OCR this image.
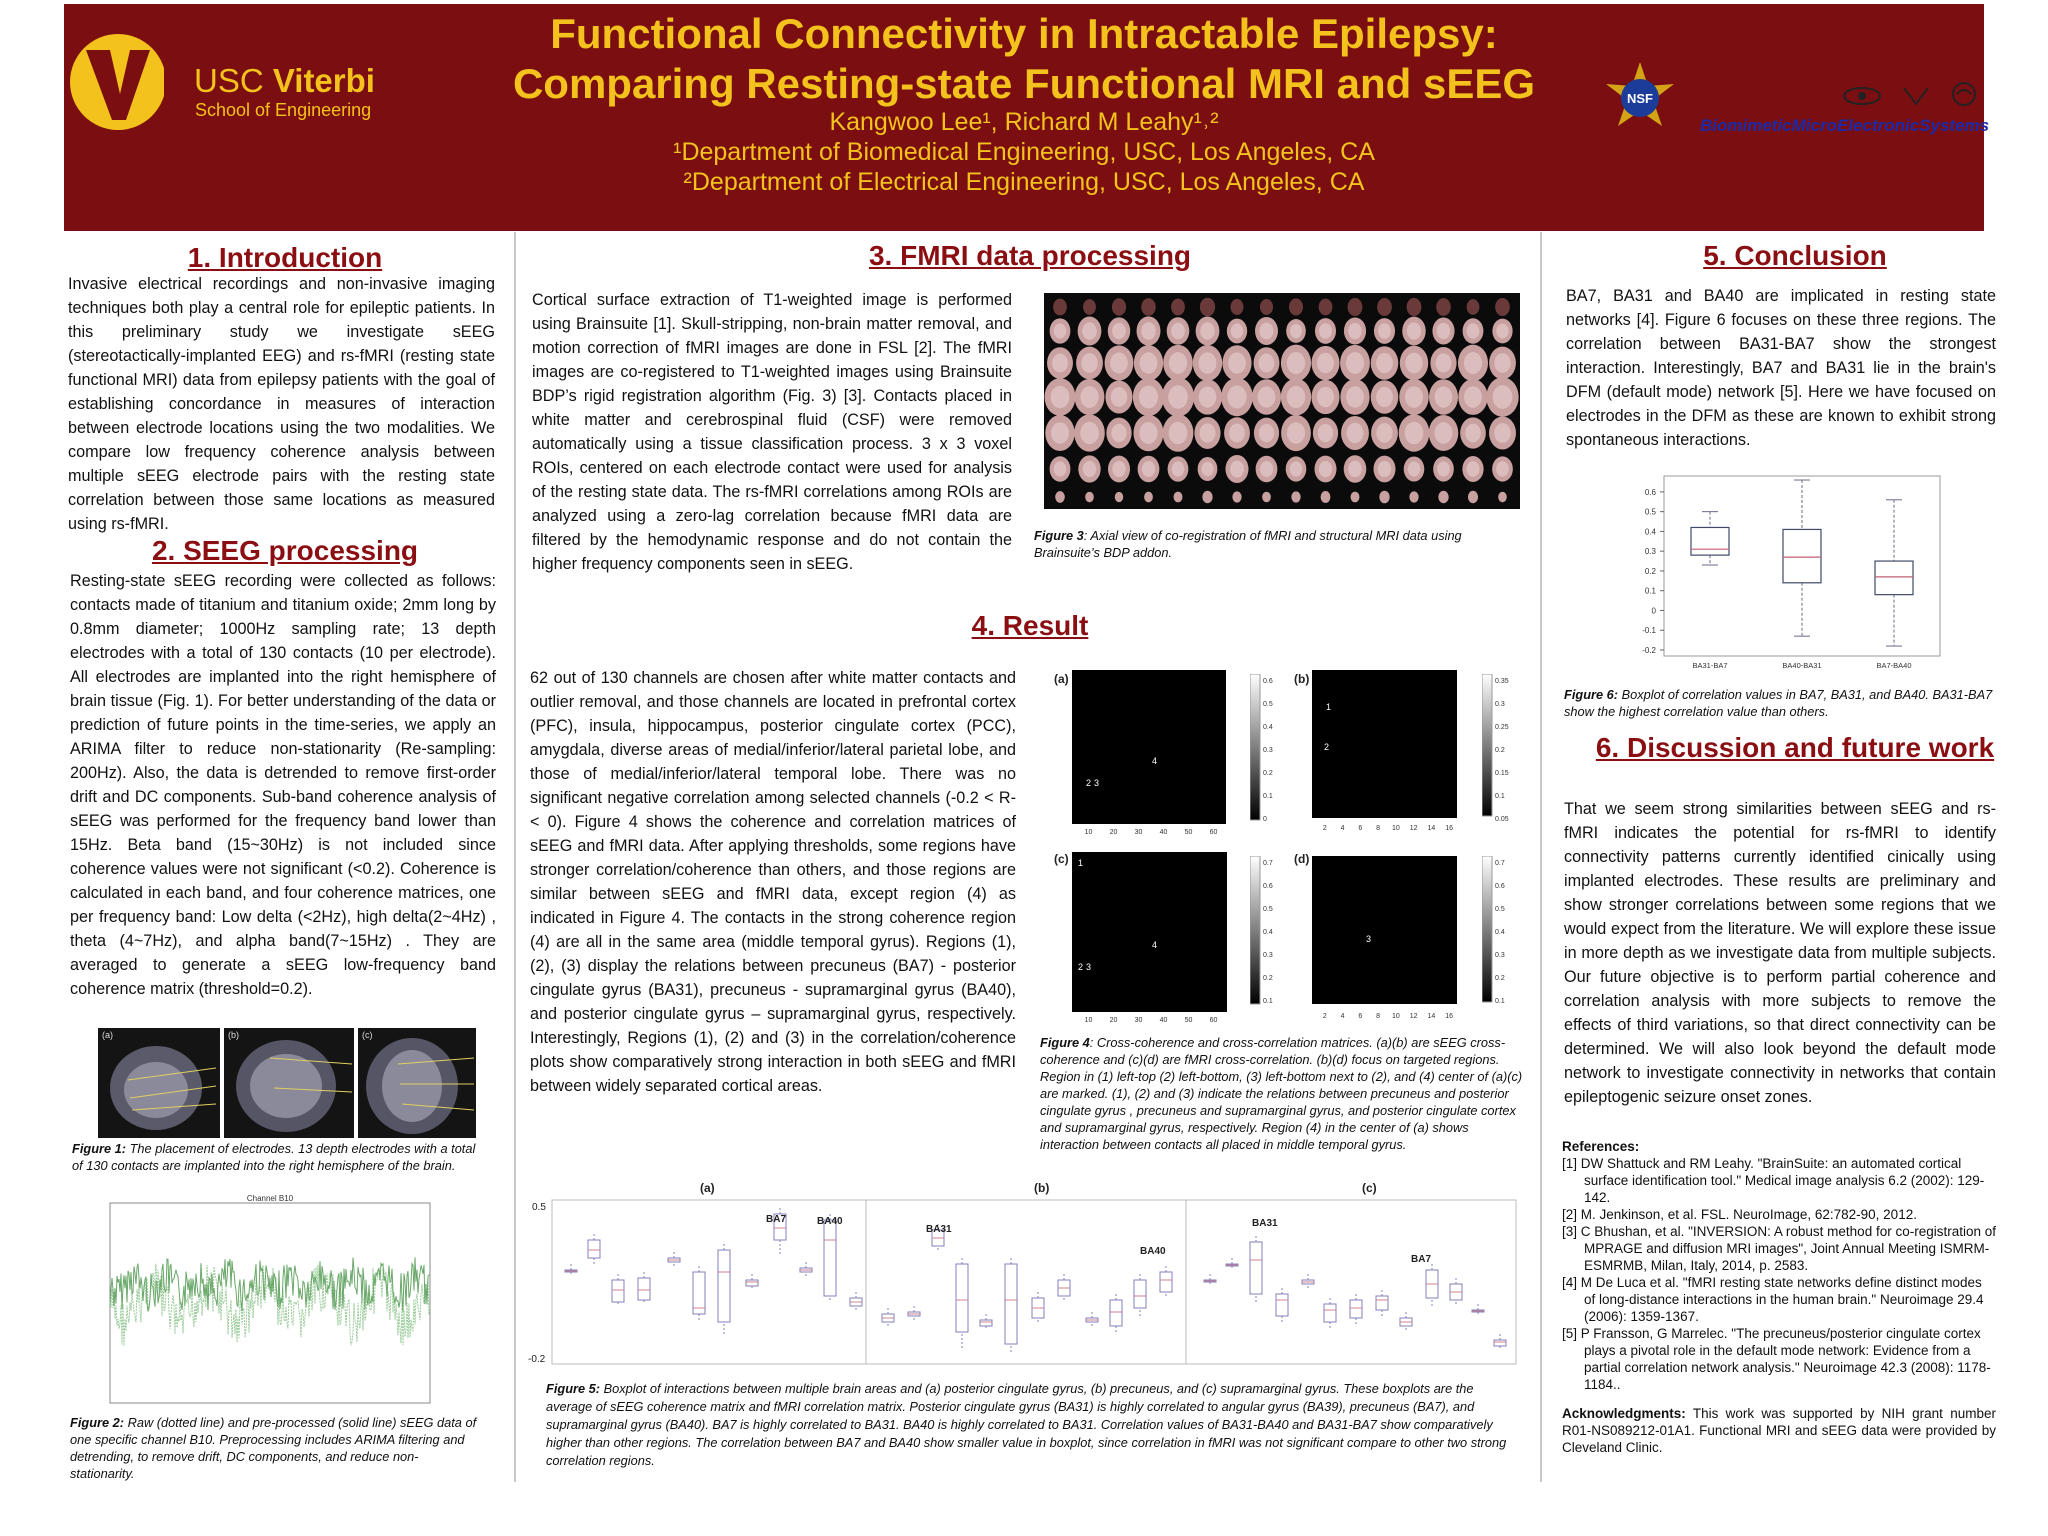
USC Viterbi
School of Engineering
Functional Connectivity in Intractable Epilepsy:
Comparing Resting-state Functional MRI and sEEG
Kangwoo Lee¹, Richard M Leahy¹˒²
¹Department of Biomedical Engineering, USC, Los Angeles, CA
²Department of Electrical Engineering, USC, Los Angeles, CA
NSF
BiomimeticMicroElectronicSystems
1. Introduction
Invasive electrical recordings and non-invasive imaging techniques both play a central role for epileptic patients. In this preliminary study we investigate sEEG (stereotactically-implanted EEG) and rs-fMRI (resting state functional MRI) data from epilepsy patients with the goal of establishing concordance in measures of interaction between electrode locations using the two modalities. We compare low frequency coherence analysis between multiple sEEG electrode pairs with the resting state correlation between those same locations as measured using rs-fMRI.
2. SEEG processing
Resting-state sEEG recording were collected as follows: contacts made of titanium and titanium oxide; 2mm long by 0.8mm diameter; 1000Hz sampling rate; 13 depth electrodes with a total of 130 contacts (10 per electrode). All electrodes are implanted into the right hemisphere of brain tissue (Fig. 1). For better understanding of the data or prediction of future points in the time-series, we apply an ARIMA filter to reduce non-stationarity (Re-sampling: 200Hz). Also, the data is detrended to remove first-order drift and DC components. Sub-band coherence analysis of sEEG was performed for the frequency band lower than 15Hz. Beta band (15~30Hz) is not included since coherence values were not significant (<0.2). Coherence is calculated in each band, and four coherence matrices, one per frequency band: Low delta (<2Hz), high delta(2~4Hz) , theta (4~7Hz), and alpha band(7~15Hz) . They are averaged to generate a sEEG low-frequency band coherence matrix (threshold=0.2).
(a)	(b)	(c)
Figure 1: The placement of electrodes. 13 depth electrodes with a total of 130 contacts are implanted into the right hemisphere of the brain.
Channel B10
Figure 2: Raw (dotted line) and pre-processed (solid line) sEEG data of one specific channel B10. Preprocessing includes ARIMA filtering and detrending, to remove drift, DC components, and reduce non-stationarity.
3. FMRI data processing
Cortical surface extraction of T1-weighted image is performed using Brainsuite [1]. Skull-stripping, non-brain matter removal, and motion correction of fMRI images are done in FSL [2]. The fMRI images are co-registered to T1-weighted images using Brainsuite BDP’s rigid registration algorithm (Fig. 3) [3]. Contacts placed in white matter and cerebrospinal fluid (CSF) were removed automatically using a tissue classification process. 3 x 3 voxel ROIs, centered on each electrode contact were used for analysis of the resting state data. The rs-fMRI correlations among ROIs are analyzed using a zero-lag correlation because fMRI data are filtered by the hemodynamic response and do not contain the higher frequency components seen in sEEG.
Figure 3: Axial view of co-registration of fMRI and structural MRI data using Brainsuite’s BDP addon.
4. Result
62 out of 130 channels are chosen after white matter contacts and outlier removal, and those channels are located in prefrontal cortex (PFC), insula, hippocampus, posterior cingulate cortex (PCC), amygdala, diverse areas of medial/inferior/lateral parietal lobe, and those of medial/inferior/lateral temporal lobe. There was no significant negative correlation among selected channels (-0.2 < R- < 0). Figure 4 shows the coherence and correlation matrices of sEEG and fMRI data. After applying thresholds, some regions have stronger correlation/coherence than others, and those regions are similar between sEEG and fMRI data, except region (4) as indicated in Figure 4. The contacts in the strong coherence region (4) are all in the same area (middle temporal gyrus). Regions (1), (2), (3) display the relations between precuneus (BA7) - posterior cingulate gyrus (BA31), precuneus - supramarginal gyrus (BA40), and posterior cingulate gyrus – supramarginal gyrus, respectively. Interestingly, Regions (1), (2) and (3) in the correlation/coherence plots show comparatively strong interaction in both sEEG and fMRI between widely separated cortical areas.
(a)
2 3
4
10 20 30 40 50 60
0.6
0.5
0.4
0.3
0.2
0.1
0
(b)
1
2
3
2 4 6 8 10 12 14 16
0.35
0.3
0.25
0.2
0.15
0.1
0.05
(c) 1
2 3
4
10 20 30 40 50 60
0.7
0.6
0.5
0.4
0.3
0.2
0.1
(d)
1
2	3
2 4 6 8 10 12 14 16
0.7
0.6
0.5
0.4
0.3
0.2
0.1
Figure 4: Cross-coherence and cross-correlation matrices. (a)(b) are sEEG cross-coherence and (c)(d) are fMRI cross-correlation. (b)(d) focus on targeted regions. Region in (1) left-top (2) left-bottom, (3) left-bottom next to (2), and (4) center of (a)(c) are marked. (1), (2) and (3) indicate the relations between precuneus and posterior cingulate gyrus , precuneus and supramarginal gyrus, and posterior cingulate cortex and supramarginal gyrus, respectively. Region (4) in the center of (a) shows interaction between contacts all placed in middle temporal gyrus.
(a)	(b)	(c)
0.5
-0.2
BA7	BA40
BA31
BA40
BA31
BA7
Figure 5: Boxplot of interactions between multiple brain areas and (a) posterior cingulate gyrus, (b) precuneus, and (c) supramarginal gyrus. These boxplots are the average of sEEG coherence matrix and fMRI correlation matrix. Posterior cingulate gyrus (BA31) is highly correlated to angular gyrus (BA39), precuneus (BA7), and supramarginal gyrus (BA40). BA7 is highly correlated to BA31. BA40 is highly correlated to BA31. Correlation values of BA31-BA40 and BA31-BA7 show comparatively higher than other regions. The correlation between BA7 and BA40 show smaller value in boxplot, since correlation in fMRI was not significant compare to other two strong correlation regions.
5. Conclusion
BA7, BA31 and BA40 are implicated in resting state networks [4]. Figure 6 focuses on these three regions. The correlation between BA31-BA7 show the strongest interaction. Interestingly, BA7 and BA31 lie in the brain's DFM (default mode) network [5]. Here we have focused on electrodes in the DFM as these are known to exhibit strong spontaneous interactions.
0.6
0.5
0.4
0.3
0.2
0.1
0
-0.1
-0.2
BA31-BA7	BA40-BA31	BA7-BA40
Figure 6: Boxplot of correlation values in BA7, BA31, and BA40. BA31-BA7 show the highest correlation value than others.
6. Discussion and future work
That we seem strong similarities between sEEG and rs-fMRI indicates the potential for rs-fMRI to identify connectivity patterns currently identified cinically using implanted electrodes. These results are preliminary and show stronger correlations between some regions that we would expect from the literature. We will explore these issue in more depth as we investigate data from multiple subjects. Our future objective is to perform partial coherence and correlation analysis with more subjects to remove the effects of third variations, so that direct connectivity can be determined. We will also look beyond the default mode network to investigate connectivity in networks that contain epileptogenic seizure onset zones.
References:
[1] DW Shattuck and RM Leahy. "BrainSuite: an automated cortical surface identification tool." Medical image analysis 6.2 (2002): 129-142.
[2] M. Jenkinson, et al. FSL. NeuroImage, 62:782-90, 2012.
[3] C Bhushan, et al. "INVERSION: A robust method for co-registration of MPRAGE and diffusion MRI images", Joint Annual Meeting ISMRM-ESMRMB, Milan, Italy, 2014, p. 2583.
[4] M De Luca et al. "fMRI resting state networks define distinct modes of long-distance interactions in the human brain." Neuroimage 29.4 (2006): 1359-1367.
[5] P Fransson, G Marrelec. "The precuneus/posterior cingulate cortex plays a pivotal role in the default mode network: Evidence from a partial correlation network analysis." Neuroimage 42.3 (2008): 1178-1184..
Acknowledgments: This work was supported by NIH grant number R01-NS089212-01A1. Functional MRI and sEEG data were provided by Cleveland Clinic.
